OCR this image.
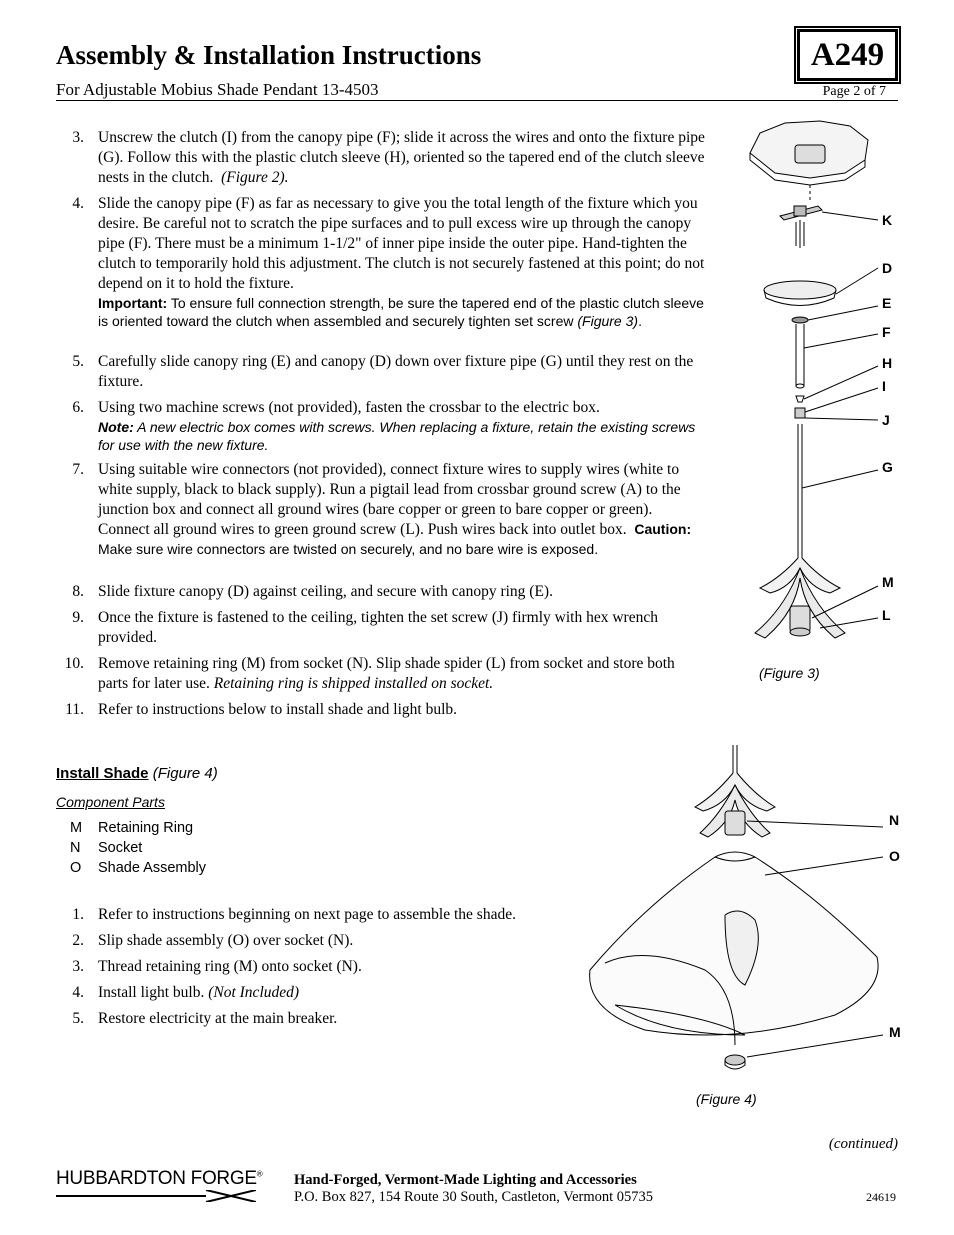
Assembly & Installation Instructions
For Adjustable Mobius Shade Pendant 13-4503	Page 2 of 7
A249
3. Unscrew the clutch (I) from the canopy pipe (F); slide it across the wires and onto the fixture pipe (G). Follow this with the plastic clutch sleeve (H), oriented so the tapered end of the clutch sleeve nests in the clutch. (Figure 2).
4. Slide the canopy pipe (F) as far as necessary to give you the total length of the fixture which you desire. Be careful not to scratch the pipe surfaces and to pull excess wire up through the canopy pipe (F). There must be a minimum 1-1/2" of inner pipe inside the outer pipe. Hand-tighten the clutch to temporarily hold this adjustment. The clutch is not securely fastened at this point; do not depend on it to hold the fixture.
Important: To ensure full connection strength, be sure the tapered end of the plastic clutch sleeve is oriented toward the clutch when assembled and securely tighten set screw (Figure 3).
5. Carefully slide canopy ring (E) and canopy (D) down over fixture pipe (G) until they rest on the fixture.
6. Using two machine screws (not provided), fasten the crossbar to the electric box.
Note: A new electric box comes with screws. When replacing a fixture, retain the existing screws for use with the new fixture.
7. Using suitable wire connectors (not provided), connect fixture wires to supply wires (white to white supply, black to black supply). Run a pigtail lead from crossbar ground screw (A) to the junction box and connect all ground wires (bare copper or green to bare copper or green). Connect all ground wires to green ground screw (L). Push wires back into outlet box. Caution: Make sure wire connectors are twisted on securely, and no bare wire is exposed.
8. Slide fixture canopy (D) against ceiling, and secure with canopy ring (E).
9. Once the fixture is fastened to the ceiling, tighten the set screw (J) firmly with hex wrench provided.
10. Remove retaining ring (M) from socket (N). Slip shade spider (L) from socket and store both parts for later use. Retaining ring is shipped installed on socket.
11. Refer to instructions below to install shade and light bulb.
Install Shade (Figure 4)
Component Parts
M Retaining Ring
N Socket
O Shade Assembly
1. Refer to instructions beginning on next page to assemble the shade.
2. Slip shade assembly (O) over socket (N).
3. Thread retaining ring (M) onto socket (N).
4. Install light bulb. (Not Included)
5. Restore electricity at the main breaker.
K
D
E
F
H
I
J
G
M
L
(Figure 3)
N
O
M
(Figure 4)
(continued)
HUBBARDTON FORGE® Hand-Forged, Vermont-Made Lighting and Accessories
P.O. Box 827, 154 Route 30 South, Castleton, Vermont 05735	24619
